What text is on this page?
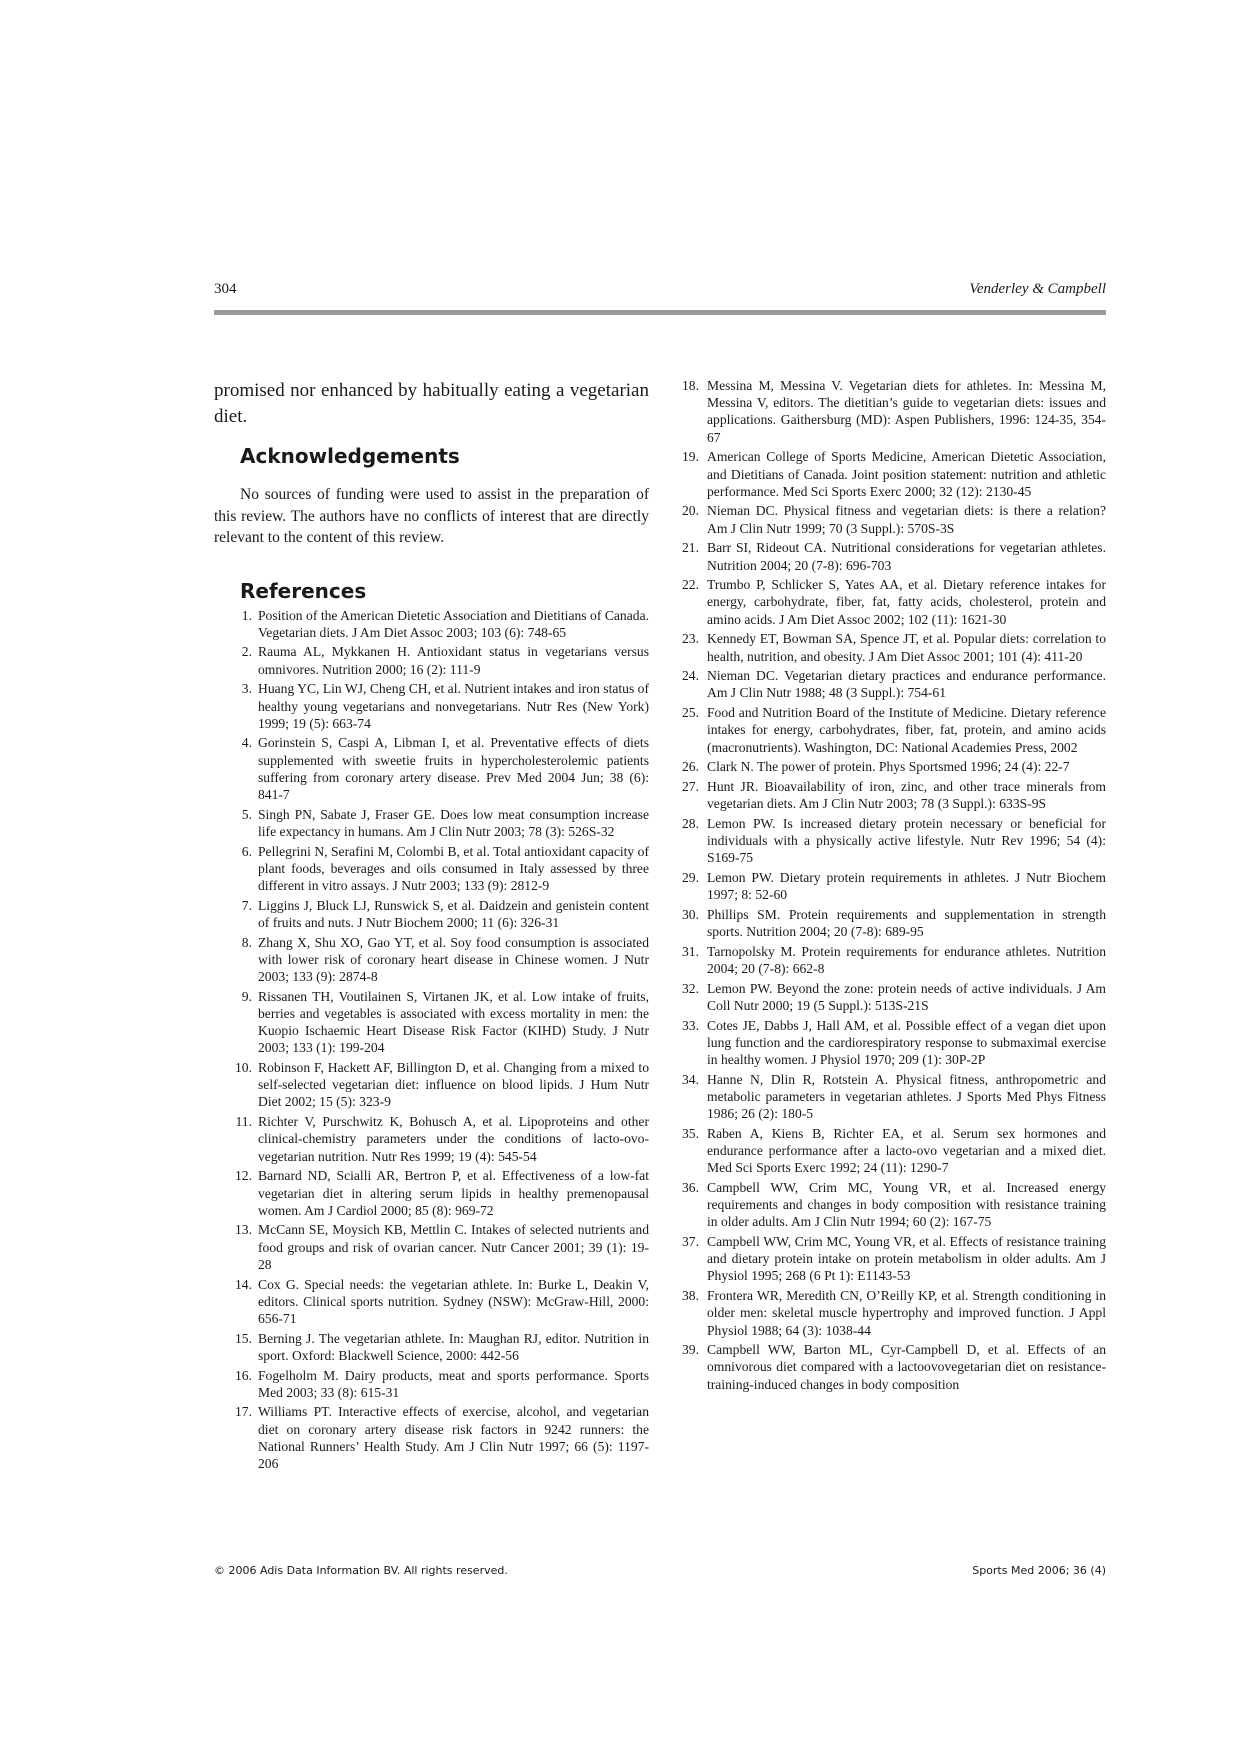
304	Venderley & Campbell

promised nor enhanced by habitually eating a vegetarian diet.

Acknowledgements

No sources of funding were used to assist in the preparation of this review. The authors have no conflicts of interest that are directly relevant to the content of this review.

References
1. Position of the American Dietetic Association and Dietitians of Canada. Vegetarian diets. J Am Diet Assoc 2003; 103 (6): 748-65
2. Rauma AL, Mykkanen H. Antioxidant status in vegetarians versus omnivores. Nutrition 2000; 16 (2): 111-9
3. Huang YC, Lin WJ, Cheng CH, et al. Nutrient intakes and iron status of healthy young vegetarians and nonvegetarians. Nutr Res (New York) 1999; 19 (5): 663-74
4. Gorinstein S, Caspi A, Libman I, et al. Preventative effects of diets supplemented with sweetie fruits in hypercholesterolemic patients suffering from coronary artery disease. Prev Med 2004 Jun; 38 (6): 841-7
5. Singh PN, Sabate J, Fraser GE. Does low meat consumption increase life expectancy in humans. Am J Clin Nutr 2003; 78 (3): 526S-32
6. Pellegrini N, Serafini M, Colombi B, et al. Total antioxidant capacity of plant foods, beverages and oils consumed in Italy assessed by three different in vitro assays. J Nutr 2003; 133 (9): 2812-9
7. Liggins J, Bluck LJ, Runswick S, et al. Daidzein and genistein content of fruits and nuts. J Nutr Biochem 2000; 11 (6): 326-31
8. Zhang X, Shu XO, Gao YT, et al. Soy food consumption is associated with lower risk of coronary heart disease in Chinese women. J Nutr 2003; 133 (9): 2874-8
9. Rissanen TH, Voutilainen S, Virtanen JK, et al. Low intake of fruits, berries and vegetables is associated with excess mortality in men: the Kuopio Ischaemic Heart Disease Risk Factor (KIHD) Study. J Nutr 2003; 133 (1): 199-204
10. Robinson F, Hackett AF, Billington D, et al. Changing from a mixed to self-selected vegetarian diet: influence on blood lipids. J Hum Nutr Diet 2002; 15 (5): 323-9
11. Richter V, Purschwitz K, Bohusch A, et al. Lipoproteins and other clinical-chemistry parameters under the conditions of lacto-ovo-vegetarian nutrition. Nutr Res 1999; 19 (4): 545-54
12. Barnard ND, Scialli AR, Bertron P, et al. Effectiveness of a low-fat vegetarian diet in altering serum lipids in healthy premenopausal women. Am J Cardiol 2000; 85 (8): 969-72
13. McCann SE, Moysich KB, Mettlin C. Intakes of selected nutrients and food groups and risk of ovarian cancer. Nutr Cancer 2001; 39 (1): 19-28
14. Cox G. Special needs: the vegetarian athlete. In: Burke L, Deakin V, editors. Clinical sports nutrition. Sydney (NSW): McGraw-Hill, 2000: 656-71
15. Berning J. The vegetarian athlete. In: Maughan RJ, editor. Nutrition in sport. Oxford: Blackwell Science, 2000: 442-56
16. Fogelholm M. Dairy products, meat and sports performance. Sports Med 2003; 33 (8): 615-31
17. Williams PT. Interactive effects of exercise, alcohol, and vegetarian diet on coronary artery disease risk factors in 9242 runners: the National Runners’ Health Study. Am J Clin Nutr 1997; 66 (5): 1197-206
18. Messina M, Messina V. Vegetarian diets for athletes. In: Messina M, Messina V, editors. The dietitian’s guide to vegetarian diets: issues and applications. Gaithersburg (MD): Aspen Publishers, 1996: 124-35, 354-67
19. American College of Sports Medicine, American Dietetic Association, and Dietitians of Canada. Joint position statement: nutrition and athletic performance. Med Sci Sports Exerc 2000; 32 (12): 2130-45
20. Nieman DC. Physical fitness and vegetarian diets: is there a relation? Am J Clin Nutr 1999; 70 (3 Suppl.): 570S-3S
21. Barr SI, Rideout CA. Nutritional considerations for vegetarian athletes. Nutrition 2004; 20 (7-8): 696-703
22. Trumbo P, Schlicker S, Yates AA, et al. Dietary reference intakes for energy, carbohydrate, fiber, fat, fatty acids, cholesterol, protein and amino acids. J Am Diet Assoc 2002; 102 (11): 1621-30
23. Kennedy ET, Bowman SA, Spence JT, et al. Popular diets: correlation to health, nutrition, and obesity. J Am Diet Assoc 2001; 101 (4): 411-20
24. Nieman DC. Vegetarian dietary practices and endurance performance. Am J Clin Nutr 1988; 48 (3 Suppl.): 754-61
25. Food and Nutrition Board of the Institute of Medicine. Dietary reference intakes for energy, carbohydrates, fiber, fat, protein, and amino acids (macronutrients). Washington, DC: National Academies Press, 2002
26. Clark N. The power of protein. Phys Sportsmed 1996; 24 (4): 22-7
27. Hunt JR. Bioavailability of iron, zinc, and other trace minerals from vegetarian diets. Am J Clin Nutr 2003; 78 (3 Suppl.): 633S-9S
28. Lemon PW. Is increased dietary protein necessary or beneficial for individuals with a physically active lifestyle. Nutr Rev 1996; 54 (4): S169-75
29. Lemon PW. Dietary protein requirements in athletes. J Nutr Biochem 1997; 8: 52-60
30. Phillips SM. Protein requirements and supplementation in strength sports. Nutrition 2004; 20 (7-8): 689-95
31. Tarnopolsky M. Protein requirements for endurance athletes. Nutrition 2004; 20 (7-8): 662-8
32. Lemon PW. Beyond the zone: protein needs of active individuals. J Am Coll Nutr 2000; 19 (5 Suppl.): 513S-21S
33. Cotes JE, Dabbs J, Hall AM, et al. Possible effect of a vegan diet upon lung function and the cardiorespiratory response to submaximal exercise in healthy women. J Physiol 1970; 209 (1): 30P-2P
34. Hanne N, Dlin R, Rotstein A. Physical fitness, anthropometric and metabolic parameters in vegetarian athletes. J Sports Med Phys Fitness 1986; 26 (2): 180-5
35. Raben A, Kiens B, Richter EA, et al. Serum sex hormones and endurance performance after a lacto-ovo vegetarian and a mixed diet. Med Sci Sports Exerc 1992; 24 (11): 1290-7
36. Campbell WW, Crim MC, Young VR, et al. Increased energy requirements and changes in body composition with resistance training in older adults. Am J Clin Nutr 1994; 60 (2): 167-75
37. Campbell WW, Crim MC, Young VR, et al. Effects of resistance training and dietary protein intake on protein metabolism in older adults. Am J Physiol 1995; 268 (6 Pt 1): E1143-53
38. Frontera WR, Meredith CN, O’Reilly KP, et al. Strength conditioning in older men: skeletal muscle hypertrophy and improved function. J Appl Physiol 1988; 64 (3): 1038-44
39. Campbell WW, Barton ML, Cyr-Campbell D, et al. Effects of an omnivorous diet compared with a lactoovovegetarian diet on resistance-training-induced changes in body composition
© 2006 Adis Data Information BV. All rights reserved.	Sports Med 2006; 36 (4)
